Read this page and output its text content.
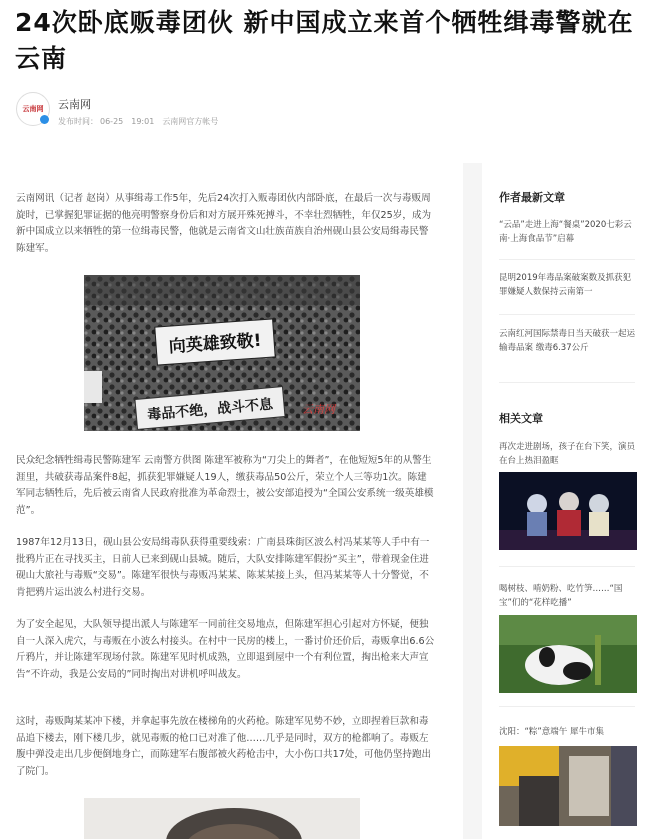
24次卧底贩毒团伙 新中国成立来首个牺牲缉毒警就在云南
云南网	云南网
发布时间： 06-25 19:01 云南网官方帐号
云南网讯（记者 赵岗）从事缉毒工作5年，先后24次打入贩毒团伙内部卧底，在最后一次与毒贩周旋时，已掌握犯罪证据的他亮明警察身份后和对方展开殊死搏斗，不幸壮烈牺牲，年仅25岁，成为新中国成立以来牺牲的第一位缉毒民警，他就是云南省文山壮族苗族自治州砚山县公安局缉毒民警陈建军。
向英雄致敬!
毒品不绝，战斗不息	云南网
民众纪念牺牲缉毒民警陈建军 云南警方供图 陈建军被称为“刀尖上的舞者”，在他短短5年的从警生涯里，共破获毒品案件8起，抓获犯罪嫌疑人19人，缴获毒品50公斤，荣立个人三等功1次。陈建军同志牺牲后，先后被云南省人民政府批准为革命烈士，被公安部追授为“全国公安系统一级英雄模范”。
1987年12月13日，砚山县公安局缉毒队获得重要线索：广南县珠街区波么村冯某某等人手中有一批鸦片正在寻找买主，日前人已来到砚山县城。随后，大队安排陈建军假扮“买主”，带着现金住进砚山大旅社与毒贩“交易”。陈建军很快与毒贩冯某某、陈某某接上头，但冯某某等人十分警觉，不肯把鸦片运出波么村进行交易。
为了安全起见，大队领导提出派人与陈建军一同前往交易地点，但陈建军担心引起对方怀疑，便独自一人深入虎穴，与毒贩在小波么村接头。在村中一民房的楼上，一番讨价还价后，毒贩拿出6.6公斤鸦片，并让陈建军现场付款。陈建军见时机成熟，立即退到屋中一个有利位置，掏出枪来大声宣告“不许动，我是公安局的”同时掏出对讲机呼叫战友。
这时，毒贩陶某某冲下楼，并拿起事先放在楼梯角的火药枪。陈建军见势不妙，立即捏着巨款和毒品追下楼去，刚下楼几步，就见毒贩的枪口已对准了他……几乎是同时，双方的枪都响了。毒贩左腹中弹没走出几步便倒地身亡，而陈建军右腹部被火药枪击中，大小伤口共17处，可他仍坚持跑出了院门。
作者最新文章
“云品”走进上海“餐桌”2020七彩云南·上海食品节”启幕
昆明2019年毒品案破案数及抓获犯罪嫌疑人数保持云南第一
云南红河国际禁毒日当天破获一起运输毒品案 缴毒6.37公斤
相关文章
再次走进剧场，孩子在台下笑，演员在台上热泪盈眶
喝树枝、啃奶粉、吃竹笋……“国宝”们的“花样吃播”
沈阳：“粽”意端午 犀牛市集
